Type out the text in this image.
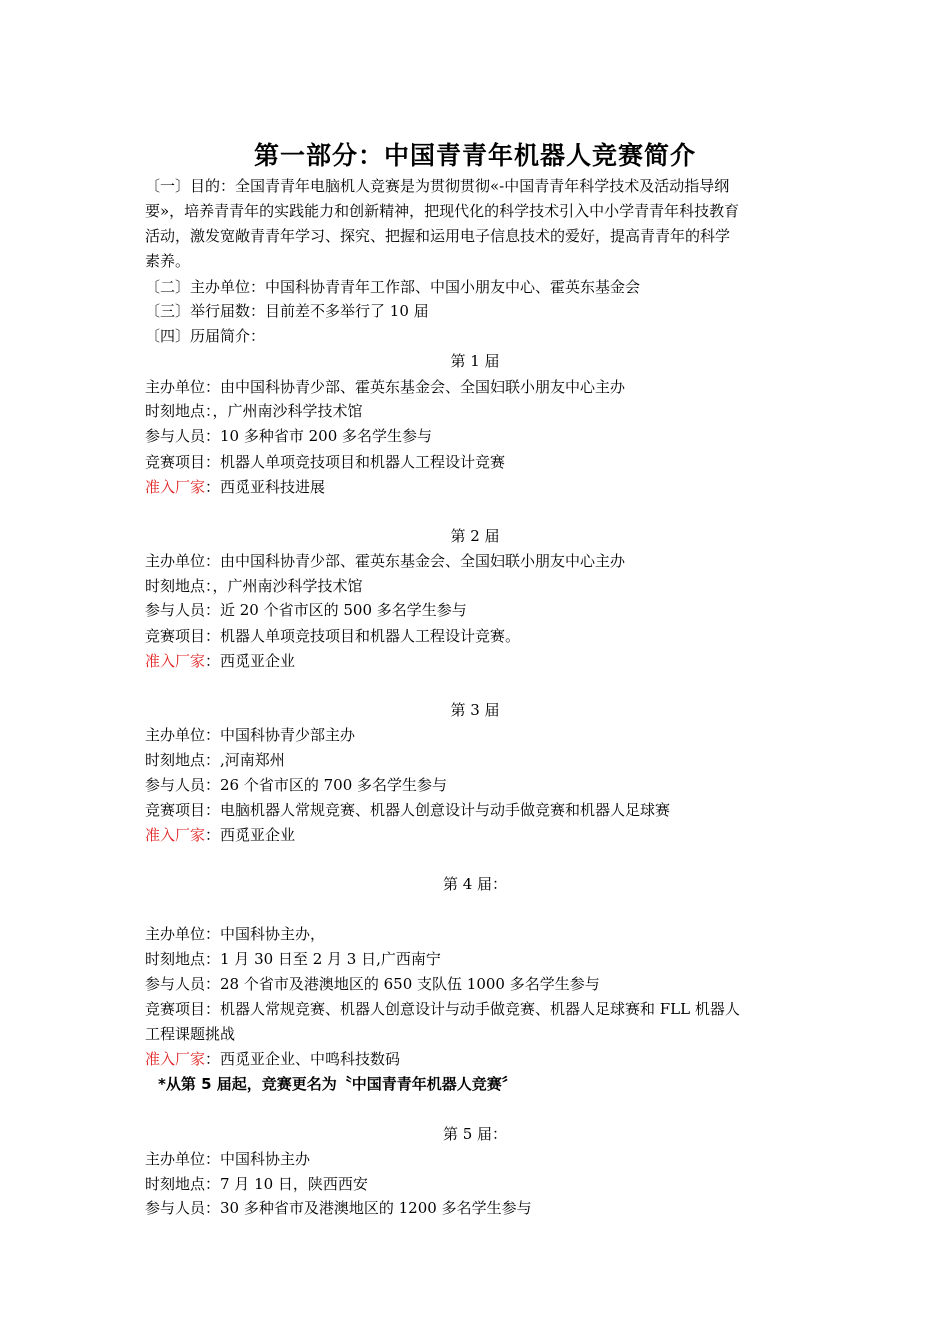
第一部分：中国青青年机器人竞赛简介
〔一〕目的：全国青青年电脑机人竞赛是为贯彻贯彻«-中国青青年科学技术及活动指导纲
要»，培养青青年的实践能力和创新精神，把现代化的科学技术引入中小学青青年科技教育
活动，激发宽敞青青年学习、探究、把握和运用电子信息技术的爱好，提高青青年的科学
素养。
〔二〕主办单位：中国科协青青年工作部、中国小朋友中心、霍英东基金会
〔三〕举行届数：目前差不多举行了 10 届
〔四〕历届简介：
第 1 届
主办单位：由中国科协青少部、霍英东基金会、全国妇联小朋友中心主办
时刻地点：，广州南沙科学技术馆
参与人员：10 多种省市 200 多名学生参与
竞赛项目：机器人单项竞技项目和机器人工程设计竞赛
准入厂家：西觅亚科技进展
第 2 届
主办单位：由中国科协青少部、霍英东基金会、全国妇联小朋友中心主办
时刻地点：，广州南沙科学技术馆
参与人员：近 20 个省市区的 500 多名学生参与
竞赛项目：机器人单项竞技项目和机器人工程设计竞赛。
准入厂家：西觅亚企业
第 3 届
主办单位：中国科协青少部主办
时刻地点：,河南郑州
参与人员：26 个省市区的 700 多名学生参与
竞赛项目：电脑机器人常规竞赛、机器人创意设计与动手做竞赛和机器人足球赛
准入厂家：西觅亚企业
第 4 届：
主办单位：中国科协主办，
时刻地点：1 月 30 日至 2 月 3 日,广西南宁
参与人员：28 个省市及港澳地区的 650 支队伍 1000 多名学生参与
竞赛项目：机器人常规竞赛、机器人创意设计与动手做竞赛、机器人足球赛和 FLL 机器人
工程课题挑战
准入厂家：西觅亚企业、中鸣科技数码
*从第 5 届起，竞赛更名为〝中国青青年机器人竞赛〞
第 5 届：
主办单位：中国科协主办
时刻地点：7 月 10 日，陕西西安
参与人员：30 多种省市及港澳地区的 1200 多名学生参与
